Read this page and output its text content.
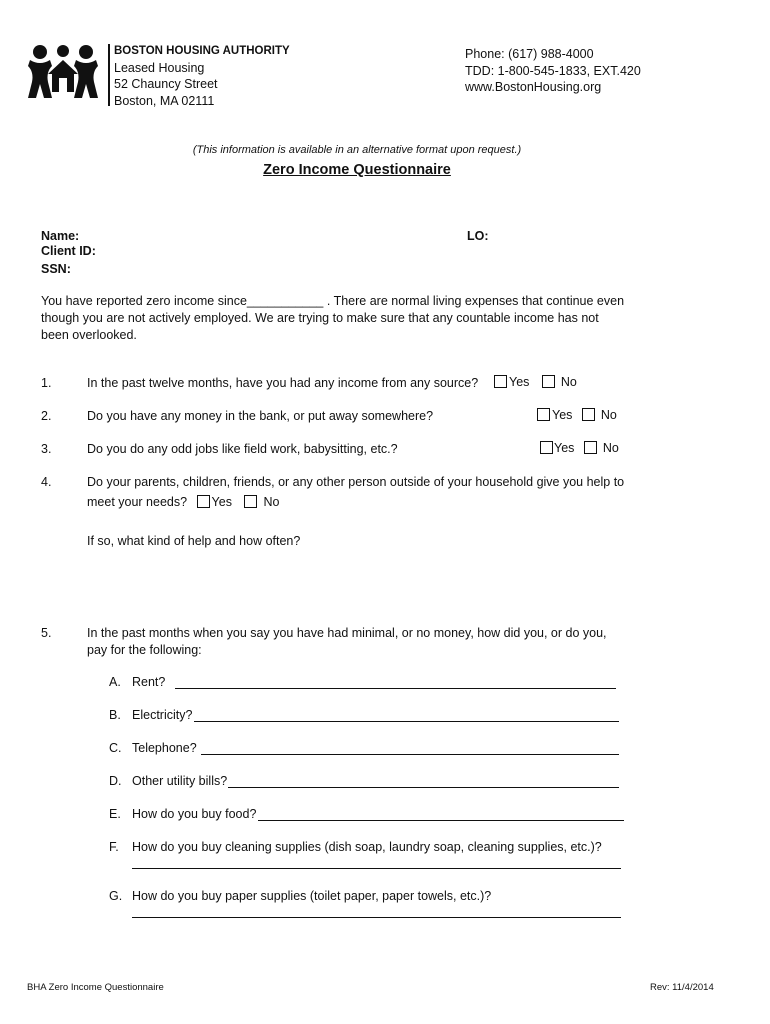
BOSTON HOUSING AUTHORITY
Leased Housing
52 Chauncy Street
Boston, MA 02111
Phone: (617) 988-4000
TDD: 1-800-545-1833, EXT.420
www.BostonHousing.org
(This information is available in an alternative format upon request.)
Zero Income Questionnaire
Name:
Client ID:
SSN:
LO:
You have reported zero income since___________ . There are normal living expenses that continue even
though you are not actively employed. We are trying to make sure that any countable income has not
been overlooked.
1.	In the past twelve months, have you had any income from any source?	Yes	No
2.	Do you have any money in the bank, or put away somewhere?	Yes No
3.	Do you do any odd jobs like field work, babysitting, etc.?	Yes No
4.	Do your parents, children, friends, or any other person outside of your household give you help to
meet your needs? Yes	No
If so, what kind of help and how often?
5.	In the past months when you say you have had minimal, or no money, how did you, or do you,
pay for the following:
A. Rent?
B. Electricity?
C. Telephone?
D. Other utility bills?
E. How do you buy food?
F. How do you buy cleaning supplies (dish soap, laundry soap, cleaning supplies, etc.)?
G. How do you buy paper supplies (toilet paper, paper towels, etc.)?
BHA Zero Income Questionnaire	Rev: 11/4/2014
